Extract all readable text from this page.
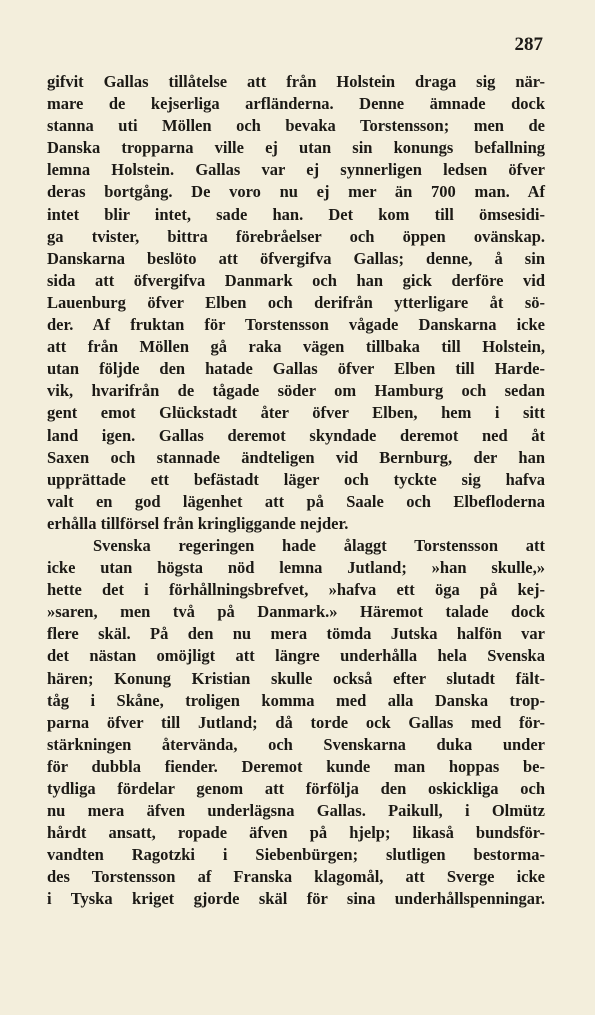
287
gifvit Gallas tillåtelse att från Holstein draga sig när-
mare de kejserliga arfländerna. Denne ämnade dock
stanna uti Möllen och bevaka Torstensson; men de
Danska tropparna ville ej utan sin konungs befallning
lemna Holstein. Gallas var ej synnerligen ledsen öfver
deras bortgång. De voro nu ej mer än 700 man. Af
intet blir intet, sade han. Det kom till ömsesidi-
ga tvister, bittra förebråelser och öppen ovänskap.
Danskarna beslöto att öfvergifva Gallas; denne, å sin
sida att öfvergifva Danmark och han gick derföre vid
Lauenburg öfver Elben och derifrån ytterligare åt sö-
der. Af fruktan för Torstensson vågade Danskarna icke
att från Möllen gå raka vägen tillbaka till Holstein,
utan följde den hatade Gallas öfver Elben till Harde-
vik, hvarifrån de tågade söder om Hamburg och sedan
gent emot Glückstadt åter öfver Elben, hem i sitt
land igen. Gallas deremot skyndade deremot ned åt
Saxen och stannade ändteligen vid Bernburg, der han
upprättade ett befästadt läger och tyckte sig hafva
valt en god lägenhet att på Saale och Elbefloderna
erhålla tillförsel från kringliggande nejder.
Svenska regeringen hade ålaggt Torstensson att
icke utan högsta nöd lemna Jutland; »han skulle,»
hette det i förhållningsbrefvet, »hafva ett öga på kej-
»saren, men två på Danmark.» Häremot talade dock
flere skäl. På den nu mera tömda Jutska halfön var
det nästan omöjligt att längre underhålla hela Svenska
hären; Konung Kristian skulle också efter slutadt fält-
tåg i Skåne, troligen komma med alla Danska trop-
parna öfver till Jutland; då torde ock Gallas med för-
stärkningen återvända, och Svenskarna duka under
för dubbla fiender. Deremot kunde man hoppas be-
tydliga fördelar genom att förfölja den oskickliga och
nu mera äfven underlägsna Gallas. Paikull, i Olmütz
hårdt ansatt, ropade äfven på hjelp; likaså bundsför-
vandten Ragotzki i Siebenbürgen; slutligen bestorma-
des Torstensson af Franska klagomål, att Sverge icke
i Tyska kriget gjorde skäl för sina underhållspenningar.
